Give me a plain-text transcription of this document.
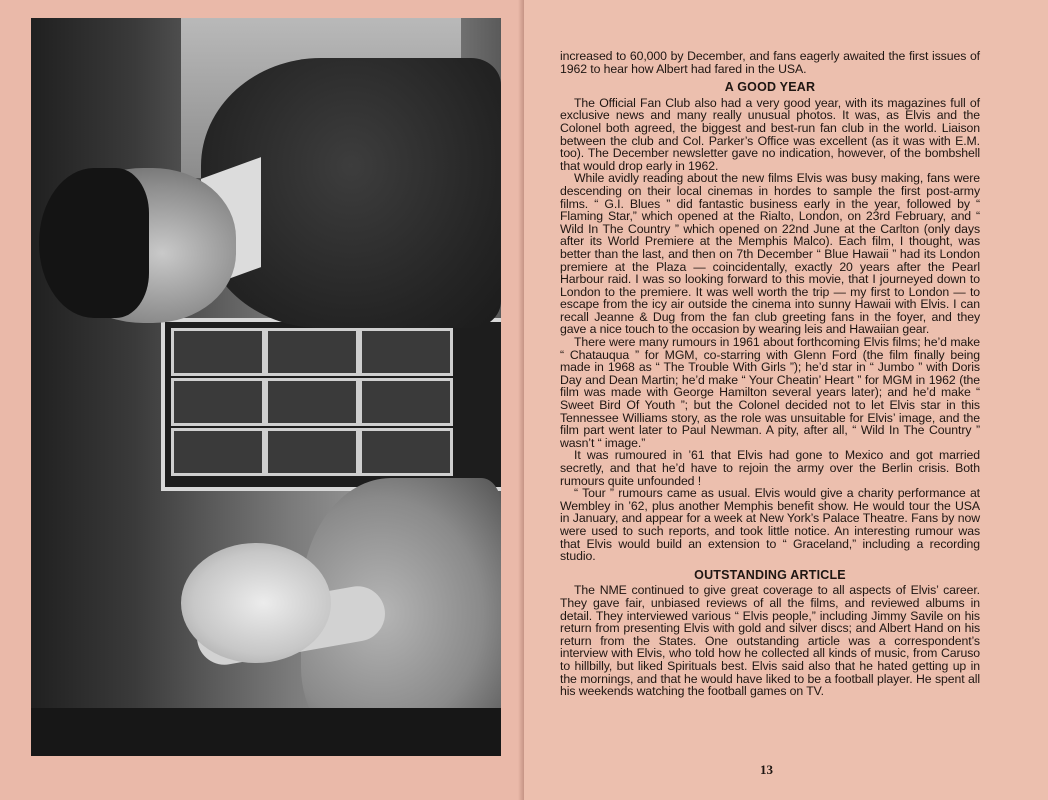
increased to 60,000 by December, and fans eagerly awaited the first issues of 1962 to hear how Albert had fared in the USA.

A GOOD YEAR

The Official Fan Club also had a very good year, with its magazines full of exclusive news and many really unusual photos. It was, as Elvis and the Colonel both agreed, the biggest and best-run fan club in the world. Liaison between the club and Col. Parker’s Office was excellent (as it was with E.M. too). The December newsletter gave no indication, however, of the bombshell that would drop early in 1962.

While avidly reading about the new films Elvis was busy making, fans were descending on their local cinemas in hordes to sample the first post-army films. “ G.I. Blues ” did fantastic business early in the year, followed by “ Flaming Star,” which opened at the Rialto, London, on 23rd February, and “ Wild In The Country ” which opened on 22nd June at the Carlton (only days after its World Premiere at the Memphis Malco). Each film, I thought, was better than the last, and then on 7th December “ Blue Hawaii ” had its London premiere at the Plaza — coincidentally, exactly 20 years after the Pearl Harbour raid. I was so looking forward to this movie, that I journeyed down to London to the premiere. It was well worth the trip — my first to London — to escape from the icy air outside the cinema into sunny Hawaii with Elvis. I can recall Jeanne & Dug from the fan club greeting fans in the foyer, and they gave a nice touch to the occasion by wearing leis and Hawaiian gear.

There were many rumours in 1961 about forthcoming Elvis films; he’d make “ Chatauqua ” for MGM, co-starring with Glenn Ford (the film finally being made in 1968 as “ The Trouble With Girls ”); he’d star in “ Jumbo ” with Doris Day and Dean Martin; he’d make “ Your Cheatin’ Heart ” for MGM in 1962 (the film was made with George Hamilton several years later); and he’d make “ Sweet Bird Of Youth ”; but the Colonel decided not to let Elvis star in this Tennessee Williams story, as the role was unsuitable for Elvis’ image, and the film part went later to Paul Newman. A pity, after all, “ Wild In The Country ” wasn’t “ image.”

It was rumoured in ’61 that Elvis had gone to Mexico and got married secretly, and that he’d have to rejoin the army over the Berlin crisis. Both rumours quite unfounded !

“ Tour ” rumours came as usual. Elvis would give a charity performance at Wembley in ’62, plus another Memphis benefit show. He would tour the USA in January, and appear for a week at New York’s Palace Theatre. Fans by now were used to such reports, and took little notice. An interesting rumour was that Elvis would build an extension to “ Graceland,” including a recording studio.

OUTSTANDING ARTICLE

The NME continued to give great coverage to all aspects of Elvis’ career. They gave fair, unbiased reviews of all the films, and reviewed albums in detail. They interviewed various “ Elvis people,” including Jimmy Savile on his return from presenting Elvis with gold and silver discs; and Albert Hand on his return from the States. One outstanding article was a correspondent’s interview with Elvis, who told how he collected all kinds of music, from Caruso to hillbilly, but liked Spirituals best. Elvis said also that he hated getting up in the mornings, and that he would have liked to be a football player. He spent all his weekends watching the football games on TV.

13
